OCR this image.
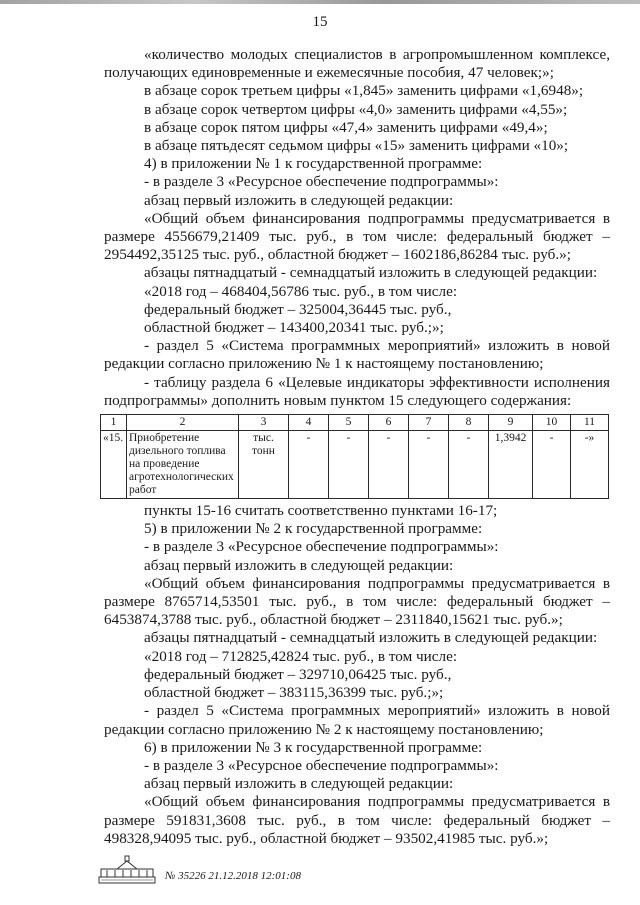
15

«количество молодых специалистов в агропромышленном комплексе, получающих единовременные и ежемесячные пособия, 47 человек;»;

в абзаце сорок третьем цифры «1,845» заменить цифрами «1,6948»;

в абзаце сорок четвертом цифры «4,0» заменить цифрами «4,55»;

в абзаце сорок пятом цифры «47,4» заменить цифрами «49,4»;

в абзаце пятьдесят седьмом цифры «15» заменить цифрами «10»;

4) в приложении № 1 к государственной программе:

- в разделе 3 «Ресурсное обеспечение подпрограммы»:

абзац первый изложить в следующей редакции:

«Общий объем финансирования подпрограммы предусматривается в размере 4556679,21409 тыс. руб., в том числе: федеральный бюджет – 2954492,35125 тыс. руб., областной бюджет – 1602186,86284 тыс. руб.»;

абзацы пятнадцатый - семнадцатый изложить в следующей редакции:

«2018 год – 468404,56786 тыс. руб., в том числе:

федеральный бюджет – 325004,36445 тыс. руб.,

областной бюджет – 143400,20341 тыс. руб.;»;

- раздел 5 «Система программных мероприятий» изложить в новой редакции согласно приложению № 1 к настоящему постановлению;

- таблицу раздела 6 «Целевые индикаторы эффективности исполнения подпрограммы» дополнить новым пунктом 15 следующего содержания:

1	2	3	4	5	6	7	8	9	10	11
«15.	Приобретение дизельного топлива на проведение агротехнологических работ	тыс. тонн	-	-	-	-	-	1,3942	-	-»

пункты 15-16 считать соответственно пунктами 16-17;

5) в приложении № 2 к государственной программе:

- в разделе 3 «Ресурсное обеспечение подпрограммы»:

абзац первый изложить в следующей редакции:

«Общий объем финансирования подпрограммы предусматривается в размере 8765714,53501 тыс. руб., в том числе: федеральный бюджет – 6453874,3788 тыс. руб., областной бюджет – 2311840,15621 тыс. руб.»;

абзацы пятнадцатый - семнадцатый изложить в следующей редакции:

«2018 год – 712825,42824 тыс. руб., в том числе:

федеральный бюджет – 329710,06425 тыс. руб.,

областной бюджет – 383115,36399 тыс. руб.;»;

- раздел 5 «Система программных мероприятий» изложить в новой редакции согласно приложению № 2 к настоящему постановлению;

6) в приложении № 3 к государственной программе:

- в разделе 3 «Ресурсное обеспечение подпрограммы»:

абзац первый изложить в следующей редакции:

«Общий объем финансирования подпрограммы предусматривается в размере 591831,3608 тыс. руб., в том числе: федеральный бюджет – 498328,94095 тыс. руб., областной бюджет – 93502,41985 тыс. руб.»;

№ 35226 21.12.2018 12:01:08
